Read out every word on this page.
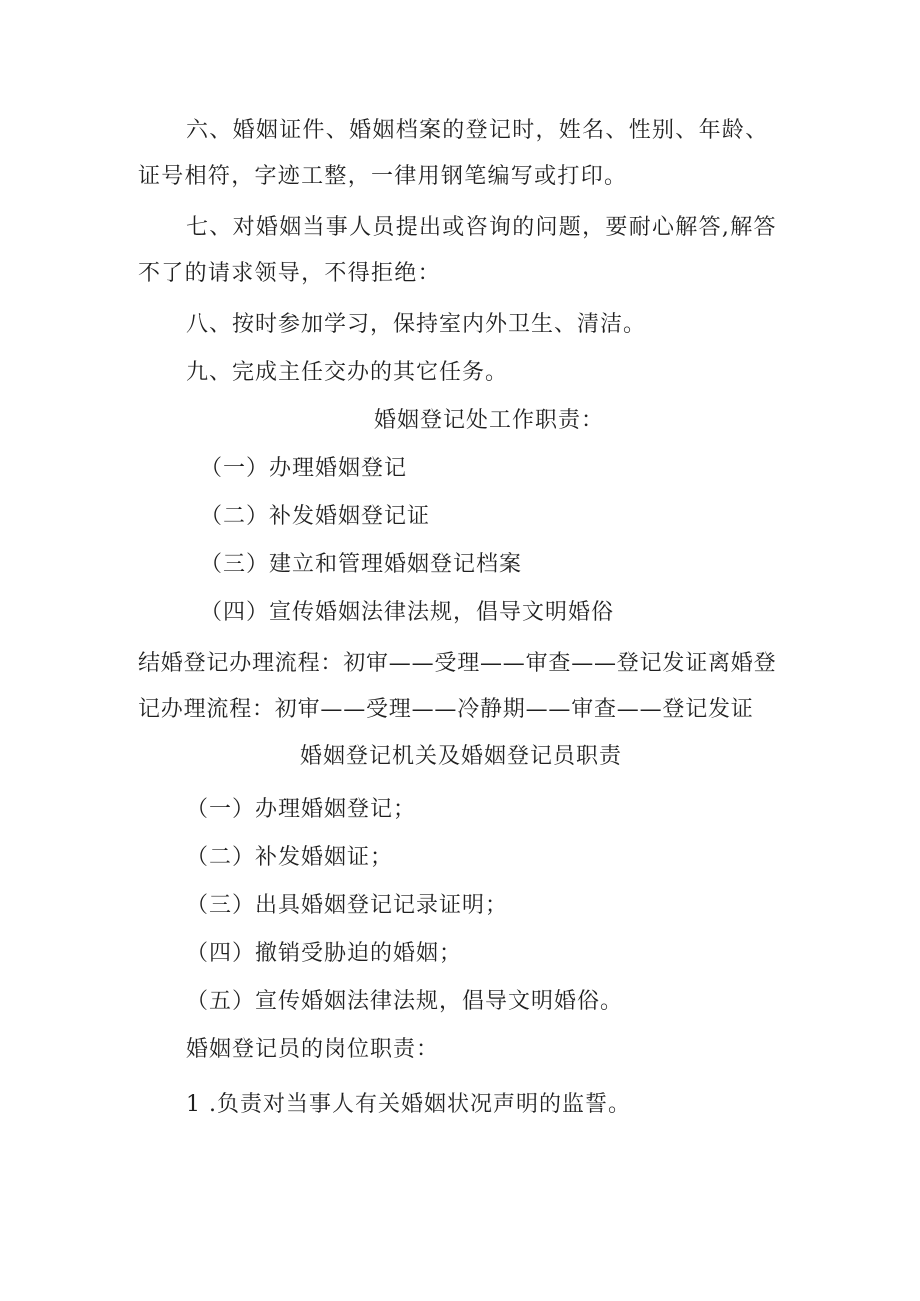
六、婚姻证件、婚姻档案的登记时，姓名、性别、年龄、证号相符，字迹工整，一律用钢笔编写或打印。

七、对婚姻当事人员提出或咨询的问题，要耐心解答,解答不了的请求领导，不得拒绝：

八、按时参加学习，保持室内外卫生、清洁。

九、完成主任交办的其它任务。

婚姻登记处工作职责：

（一）办理婚姻登记

（二）补发婚姻登记证

（三）建立和管理婚姻登记档案

（四）宣传婚姻法律法规，倡导文明婚俗

结婚登记办理流程：初审——受理——审查——登记发证离婚登记办理流程：初审——受理——冷静期——审查——登记发证

婚姻登记机关及婚姻登记员职责

（一）办理婚姻登记；

（二）补发婚姻证；

（三）出具婚姻登记记录证明；

（四）撤销受胁迫的婚姻；

（五）宣传婚姻法律法规，倡导文明婚俗。

婚姻登记员的岗位职责：

1 .负责对当事人有关婚姻状况声明的监誓。
